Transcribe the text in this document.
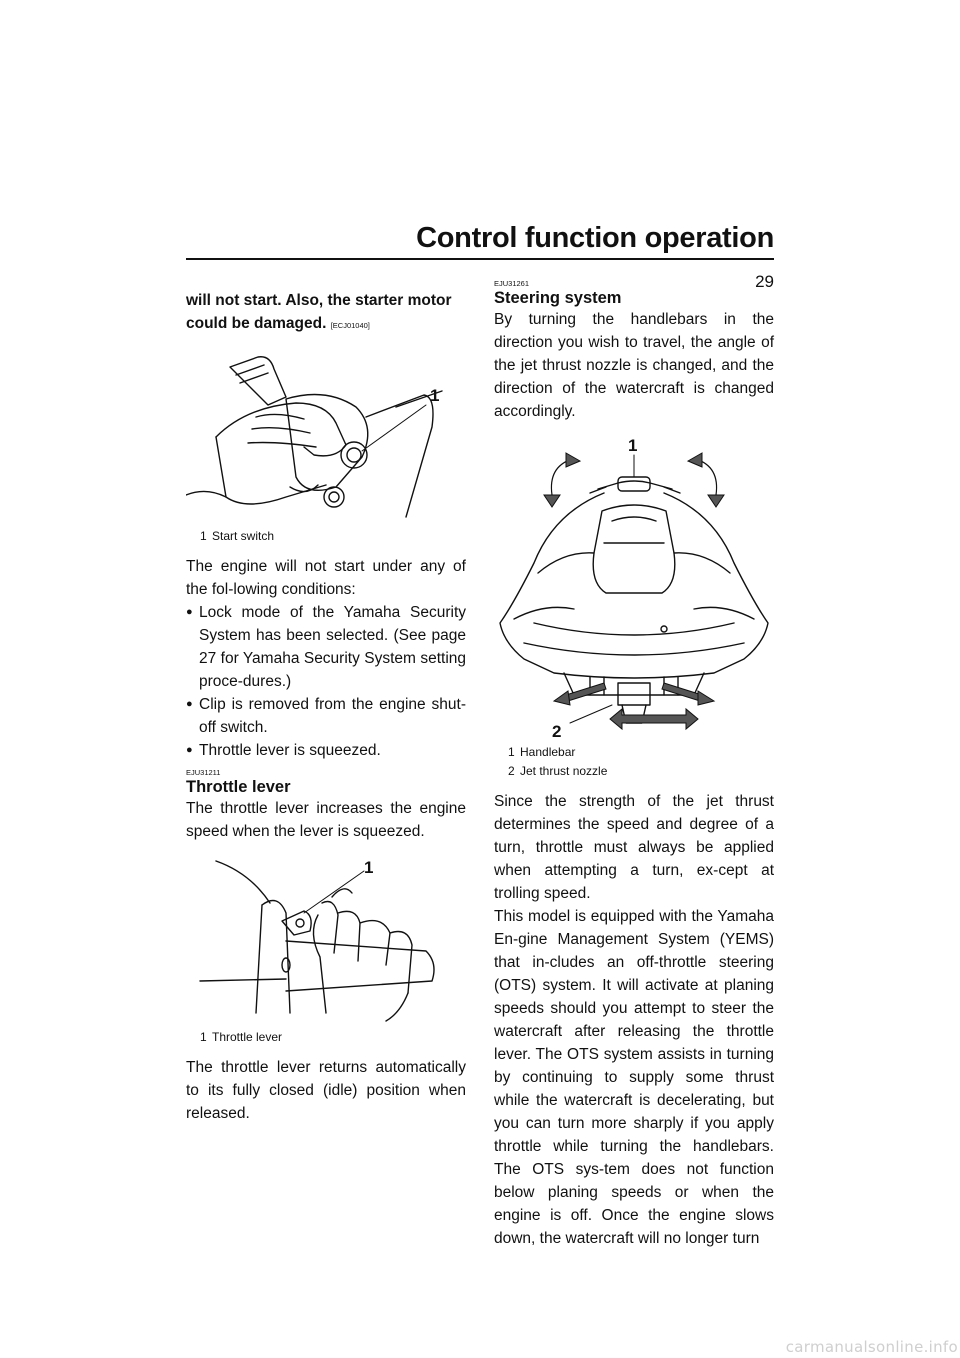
Control function operation
29

will not start. Also, the starter motor could be damaged. [ECJ01040]

1
1 Start switch

The engine will not start under any of the fol-lowing conditions:

● Lock mode of the Yamaha Security System has been selected. (See page 27 for Yamaha Security System setting proce-dures.)
● Clip is removed from the engine shut-off switch.
● Throttle lever is squeezed.
EJU31211
Throttle lever

The throttle lever increases the engine speed when the lever is squeezed.

1
1 Throttle lever

The throttle lever returns automatically to its fully closed (idle) position when released.

EJU31261
Steering system

By turning the handlebars in the direction you wish to travel, the angle of the jet thrust nozzle is changed, and the direction of the watercraft is changed accordingly.

1
2
1 Handlebar
2 Jet thrust nozzle

Since the strength of the jet thrust determines the speed and degree of a turn, throttle must always be applied when attempting a turn, ex-cept at trolling speed.

This model is equipped with the Yamaha En-gine Management System (YEMS) that in-cludes an off-throttle steering (OTS) system. It will activate at planing speeds should you attempt to steer the watercraft after releasing the throttle lever. The OTS system assists in turning by continuing to supply some thrust while the watercraft is decelerating, but you can turn more sharply if you apply throttle while turning the handlebars. The OTS sys-tem does not function below planing speeds or when the engine is off. Once the engine slows down, the watercraft will no longer turn

carmanualsonline.info
